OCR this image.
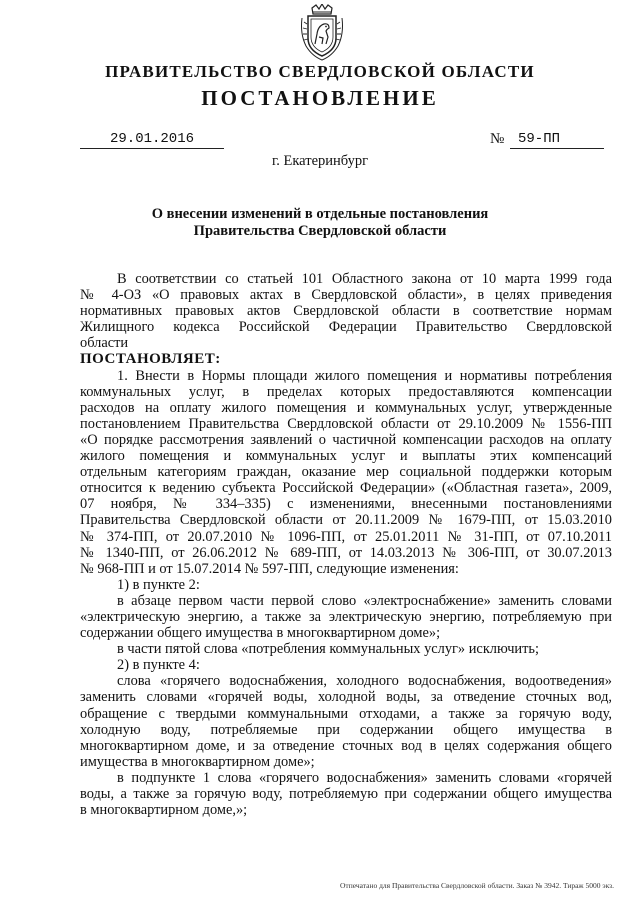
ПРАВИТЕЛЬСТВО СВЕРДЛОВСКОЙ ОБЛАСТИ
ПОСТАНОВЛЕНИЕ
29.01.2016	№ 59-ПП
г. Екатеринбург
О внесении изменений в отдельные постановления
Правительства Свердловской области

В соответствии со статьей 101 Областного закона от 10 марта 1999 года

№ 4-ОЗ «О правовых актах в Свердловской области», в целях приведения

нормативных правовых актов Свердловской области в соответствие нормам

Жилищного кодекса Российской Федерации Правительство Свердловской

области

ПОСТАНОВЛЯЕТ:

1. Внести в Нормы площади жилого помещения и нормативы потребления

коммунальных услуг, в пределах которых предоставляются компенсации

расходов на оплату жилого помещения и коммунальных услуг, утвержденные

постановлением Правительства Свердловской области от 29.10.2009 № 1556-ПП

«О порядке рассмотрения заявлений о частичной компенсации расходов на оплату

жилого помещения и коммунальных услуг и выплаты этих компенсаций

отдельным категориям граждан, оказание мер социальной поддержки которым

относится к ведению субъекта Российской Федерации» («Областная газета», 2009,

07 ноября, № 334–335) с изменениями, внесенными постановлениями

Правительства Свердловской области от 20.11.2009 № 1679-ПП, от 15.03.2010

№ 374-ПП, от 20.07.2010 № 1096-ПП, от 25.01.2011 № 31-ПП, от 07.10.2011

№ 1340-ПП, от 26.06.2012 № 689-ПП, от 14.03.2013 № 306-ПП, от 30.07.2013

№ 968-ПП и от 15.07.2014 № 597-ПП, следующие изменения:

1) в пункте 2:

в абзаце первом части первой слово «электроснабжение» заменить словами

«электрическую энергию, а также за электрическую энергию, потребляемую при

содержании общего имущества в многоквартирном доме»;

в части пятой слова «потребления коммунальных услуг» исключить;

2) в пункте 4:

слова «горячего водоснабжения, холодного водоснабжения, водоотведения»

заменить словами «горячей воды, холодной воды, за отведение сточных вод,

обращение с твердыми коммунальными отходами, а также за горячую воду,

холодную воду, потребляемые при содержании общего имущества в

многоквартирном доме, и за отведение сточных вод в целях содержания общего

имущества в многоквартирном доме»;

в подпункте 1 слова «горячего водоснабжения» заменить словами «горячей

воды, а также за горячую воду, потребляемую при содержании общего имущества

в многоквартирном доме,»;

Отпечатано для Правительства Свердловской области. Заказ № 3942. Тираж 5000 экз.
